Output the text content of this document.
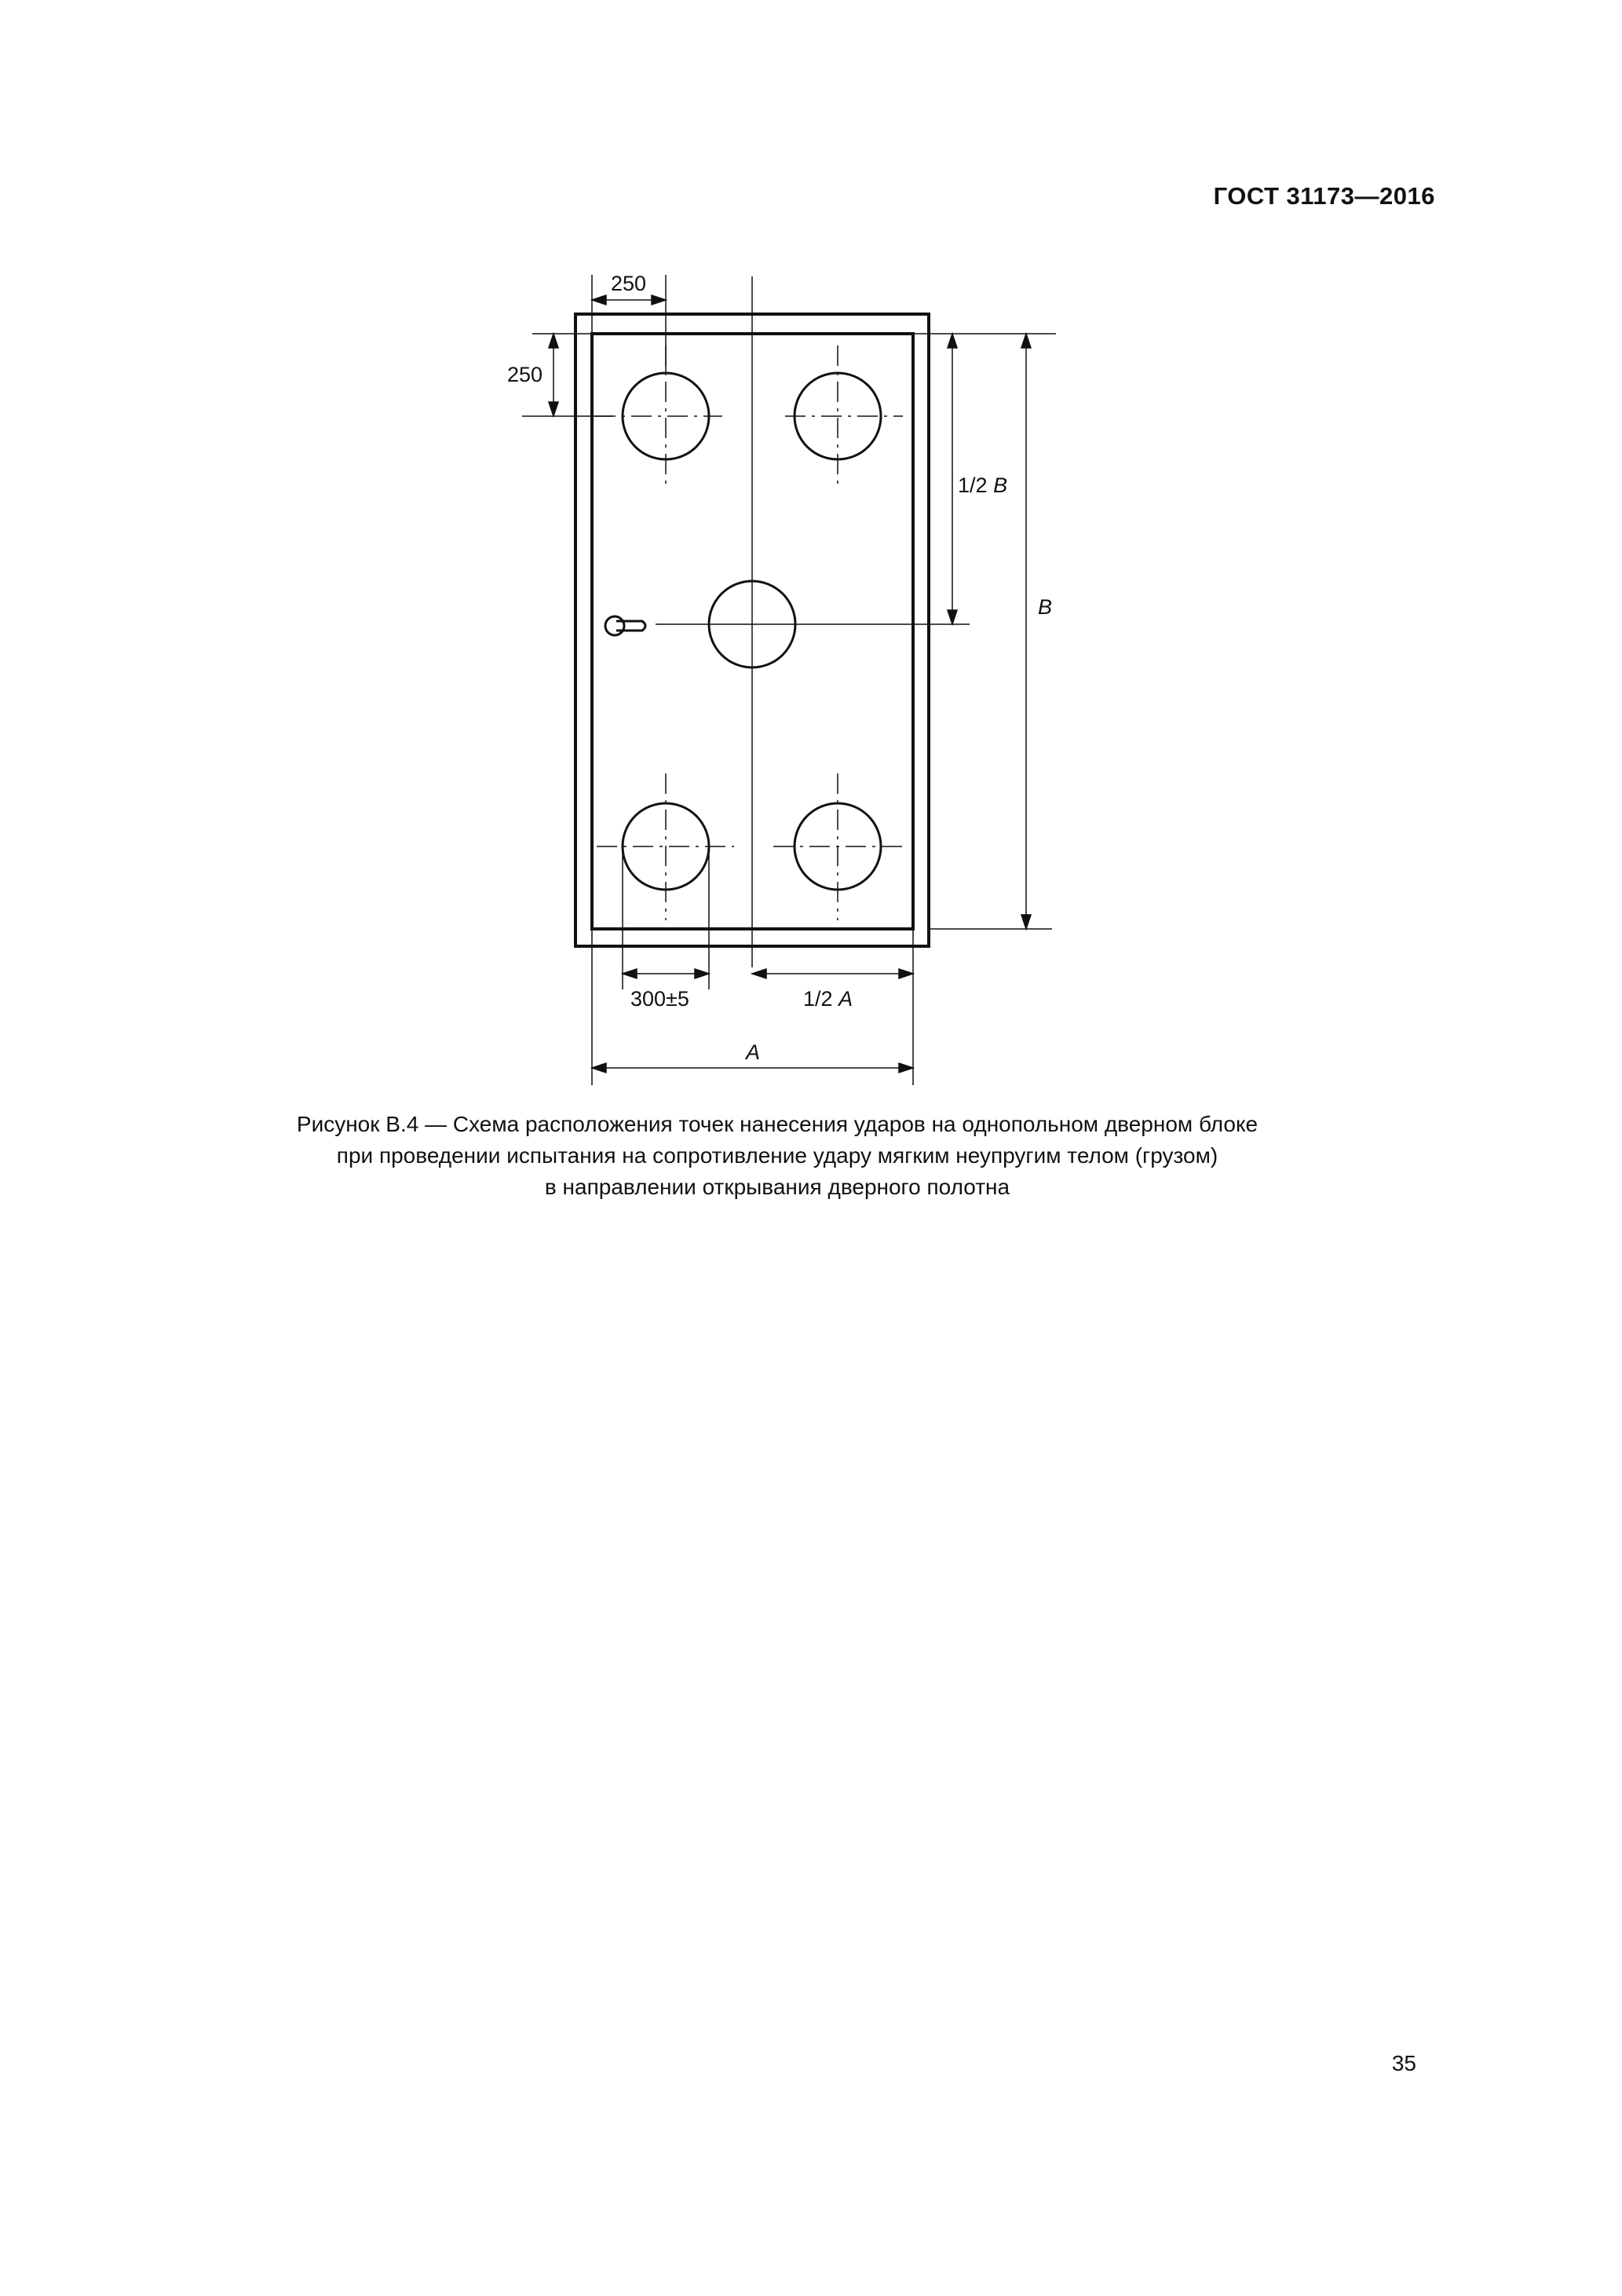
ГОСТ 31173—2016
250
250
1/2 В
В
300±5	1/2 А
А
Рисунок В.4 — Схема расположения точек нанесения ударов на однопольном дверном блоке
при проведении испытания на сопротивление удару мягким неупругим телом (грузом)
в направлении открывания дверного полотна
35
